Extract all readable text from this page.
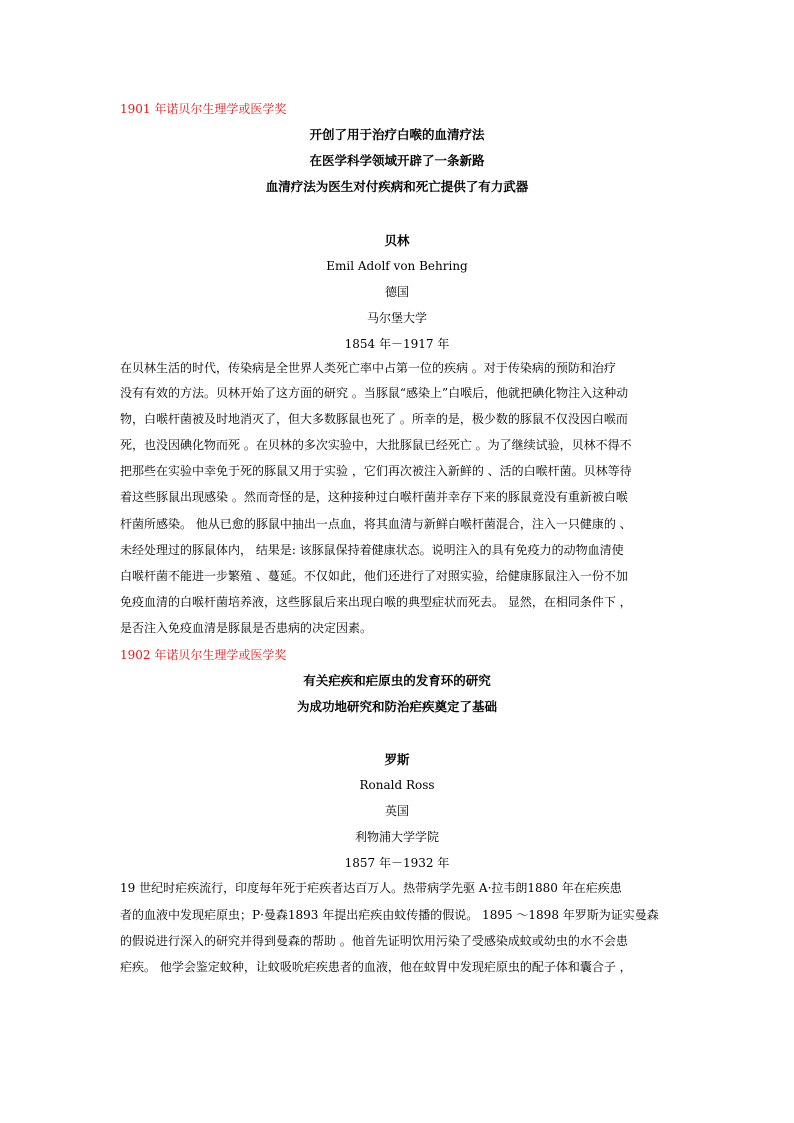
1901 年诺贝尔生理学或医学奖
开创了用于治疗白喉的血清疗法
在医学科学领域开辟了一条新路
血清疗法为医生对付疾病和死亡提供了有力武器
贝林
Emil Adolf von Behring
德国
马尔堡大学
1854 年－1917 年
在贝林生活的时代，传染病是全世界人类死亡率中占第一位的疾病 。对于传染病的预防和治疗
没有有效的方法。贝林开始了这方面的研究 。当豚鼠“感染上”白喉后，他就把碘化物注入这种动
物，白喉杆菌被及时地消灭了，但大多数豚鼠也死了 。所幸的是，极少数的豚鼠不仅没因白喉而
死，也没因碘化物而死 。在贝林的多次实验中，大批豚鼠已经死亡 。为了继续试验，贝林不得不
把那些在实验中幸免于死的豚鼠又用于实验 ，它们再次被注入新鲜的 、活的白喉杆菌。贝林等待
着这些豚鼠出现感染 。然而奇怪的是，这种接种过白喉杆菌并幸存下来的豚鼠竟没有重新被白喉
杆菌所感染。 他从已愈的豚鼠中抽出一点血，将其血清与新鲜白喉杆菌混合，注入一只健康的 、
未经处理过的豚鼠体内， 结果是: 该豚鼠保持着健康状态。说明注入的具有免疫力的动物血清使
白喉杆菌不能进一步繁殖 、蔓延。不仅如此，他们还进行了对照实验，给健康豚鼠注入一份不加
免疫血清的白喉杆菌培养液，这些豚鼠后来出现白喉的典型症状而死去。 显然，在相同条件下 ，
是否注入免疫血清是豚鼠是否患病的决定因素。
1902 年诺贝尔生理学或医学奖
有关疟疾和疟原虫的发育环的研究
为成功地研究和防治疟疾奠定了基础
罗斯
Ronald Ross
英国
利物浦大学学院
1857 年－1932 年
19 世纪时疟疾流行，印度每年死于疟疾者达百万人。热带病学先驱 A·拉韦朗1880 年在疟疾患
者的血液中发现疟原虫；P·曼森1893 年提出疟疾由蚊传播的假说。 1895 ～1898 年罗斯为证实曼森
的假说进行深入的研究并得到曼森的帮助 。他首先证明饮用污染了受感染成蚊或幼虫的水不会患
疟疾。 他学会鉴定蚊种，让蚊吸吮疟疾患者的血液，他在蚊胃中发现疟原虫的配子体和囊合子 ，
